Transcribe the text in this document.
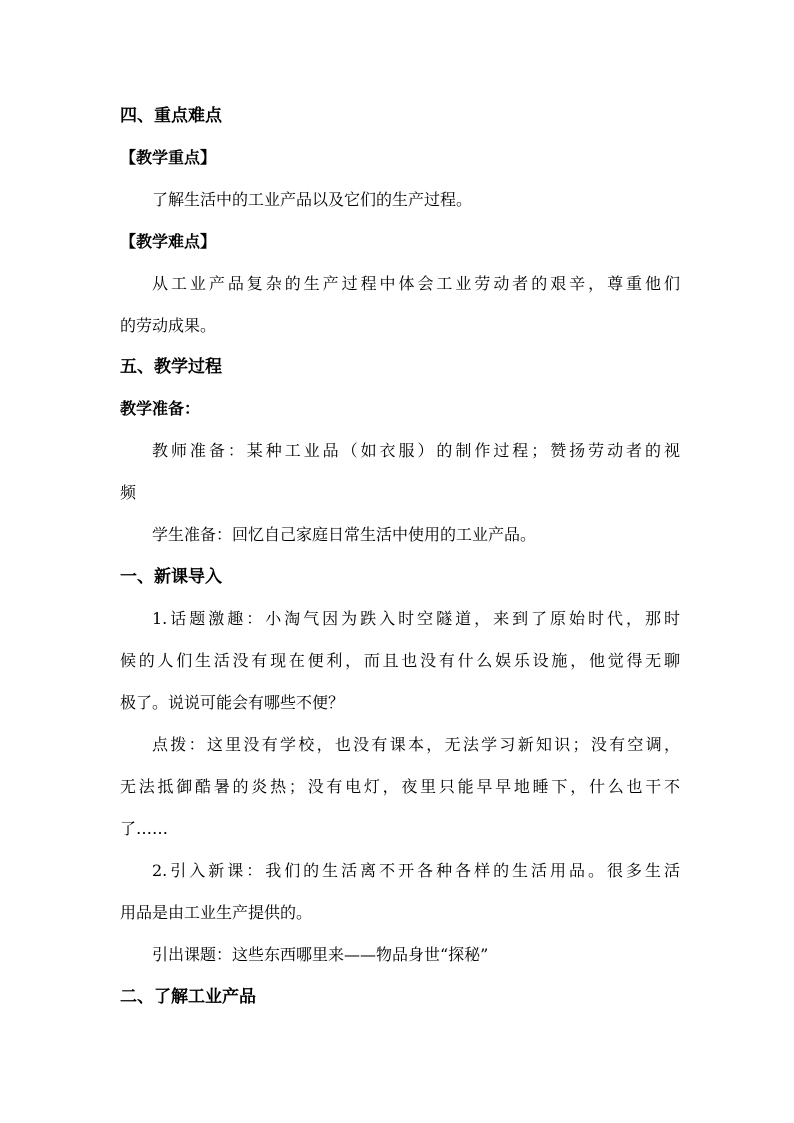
四、重点难点
【教学重点】
了解生活中的工业产品以及它们的生产过程。
【教学难点】
从工业产品复杂的生产过程中体会工业劳动者的艰辛，尊重他们
的劳动成果。
五、教学过程
教学准备：
教师准备：某种工业品（如衣服）的制作过程；赞扬劳动者的视
频
学生准备：回忆自己家庭日常生活中使用的工业产品。
一、新课导入
1.话题激趣：小淘气因为跌入时空隧道，来到了原始时代，那时
候的人们生活没有现在便利，而且也没有什么娱乐设施，他觉得无聊
极了。说说可能会有哪些不便？
点拨：这里没有学校，也没有课本，无法学习新知识；没有空调，
无法抵御酷暑的炎热；没有电灯，夜里只能早早地睡下，什么也干不
了……
2.引入新课：我们的生活离不开各种各样的生活用品。很多生活
用品是由工业生产提供的。
引出课题：这些东西哪里来——物品身世“探秘”
二、了解工业产品
